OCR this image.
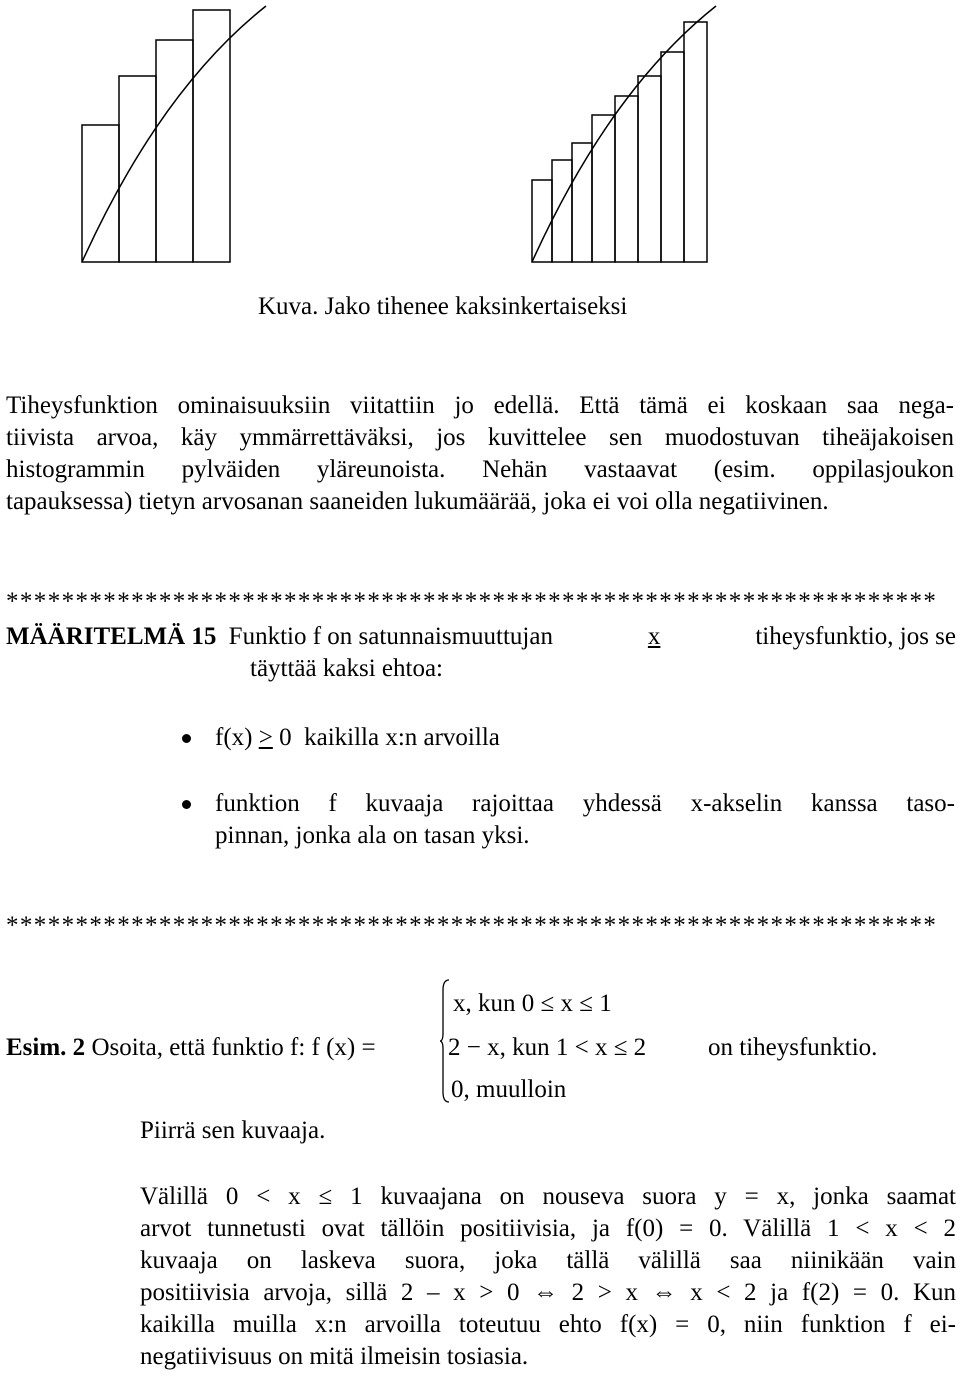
Kuva. Jako tihenee kaksinkertaiseksi
Tiheysfunktion ominaisuuksiin viitattiin jo edellä. Että tämä ei koskaan saa nega-
tiivista arvoa, käy ymmärrettäväksi, jos kuvittelee sen muodostuvan tiheäjakoisen
histogrammin pylväiden yläreunoista. Nehän vastaavat (esim. oppilasjoukon
tapauksessa) tietyn arvosanan saaneiden lukumäärää, joka ei voi olla negatiivinen.
*******************************************************************
MÄÄRITELMÄ 15 Funktio f on satunnaismuuttujan	x	tiheysfunktio, jos se
täyttää kaksi ehtoa:
f(x) ≥ 0  kaikilla x:n arvoilla
funktion f kuvaaja rajoittaa yhdessä x-akselin kanssa taso-
pinnan, jonka ala on tasan yksi.
*******************************************************************
x, kun 0 ≤ x ≤ 1
Esim. 2 Osoita, että funktio f: f (x) =	2 − x, kun 1 < x ≤ 2 on tiheysfunktio.
0, muulloin
Piirrä sen kuvaaja.
Välillä 0 < x ≤ 1 kuvaajana on nouseva suora y = x, jonka saamat
arvot tunnetusti ovat tällöin positiivisia, ja f(0) = 0. Välillä 1 < x < 2
kuvaaja on laskeva suora, joka tällä välillä saa niinikään vain
positiivisia arvoja, sillä 2 – x > 0 ⇔ 2 > x ⇔ x < 2 ja f(2) = 0. Kun
kaikilla muilla x:n arvoilla toteutuu ehto f(x) = 0, niin funktion f ei-
negatiivisuus on mitä ilmeisin tosiasia.
